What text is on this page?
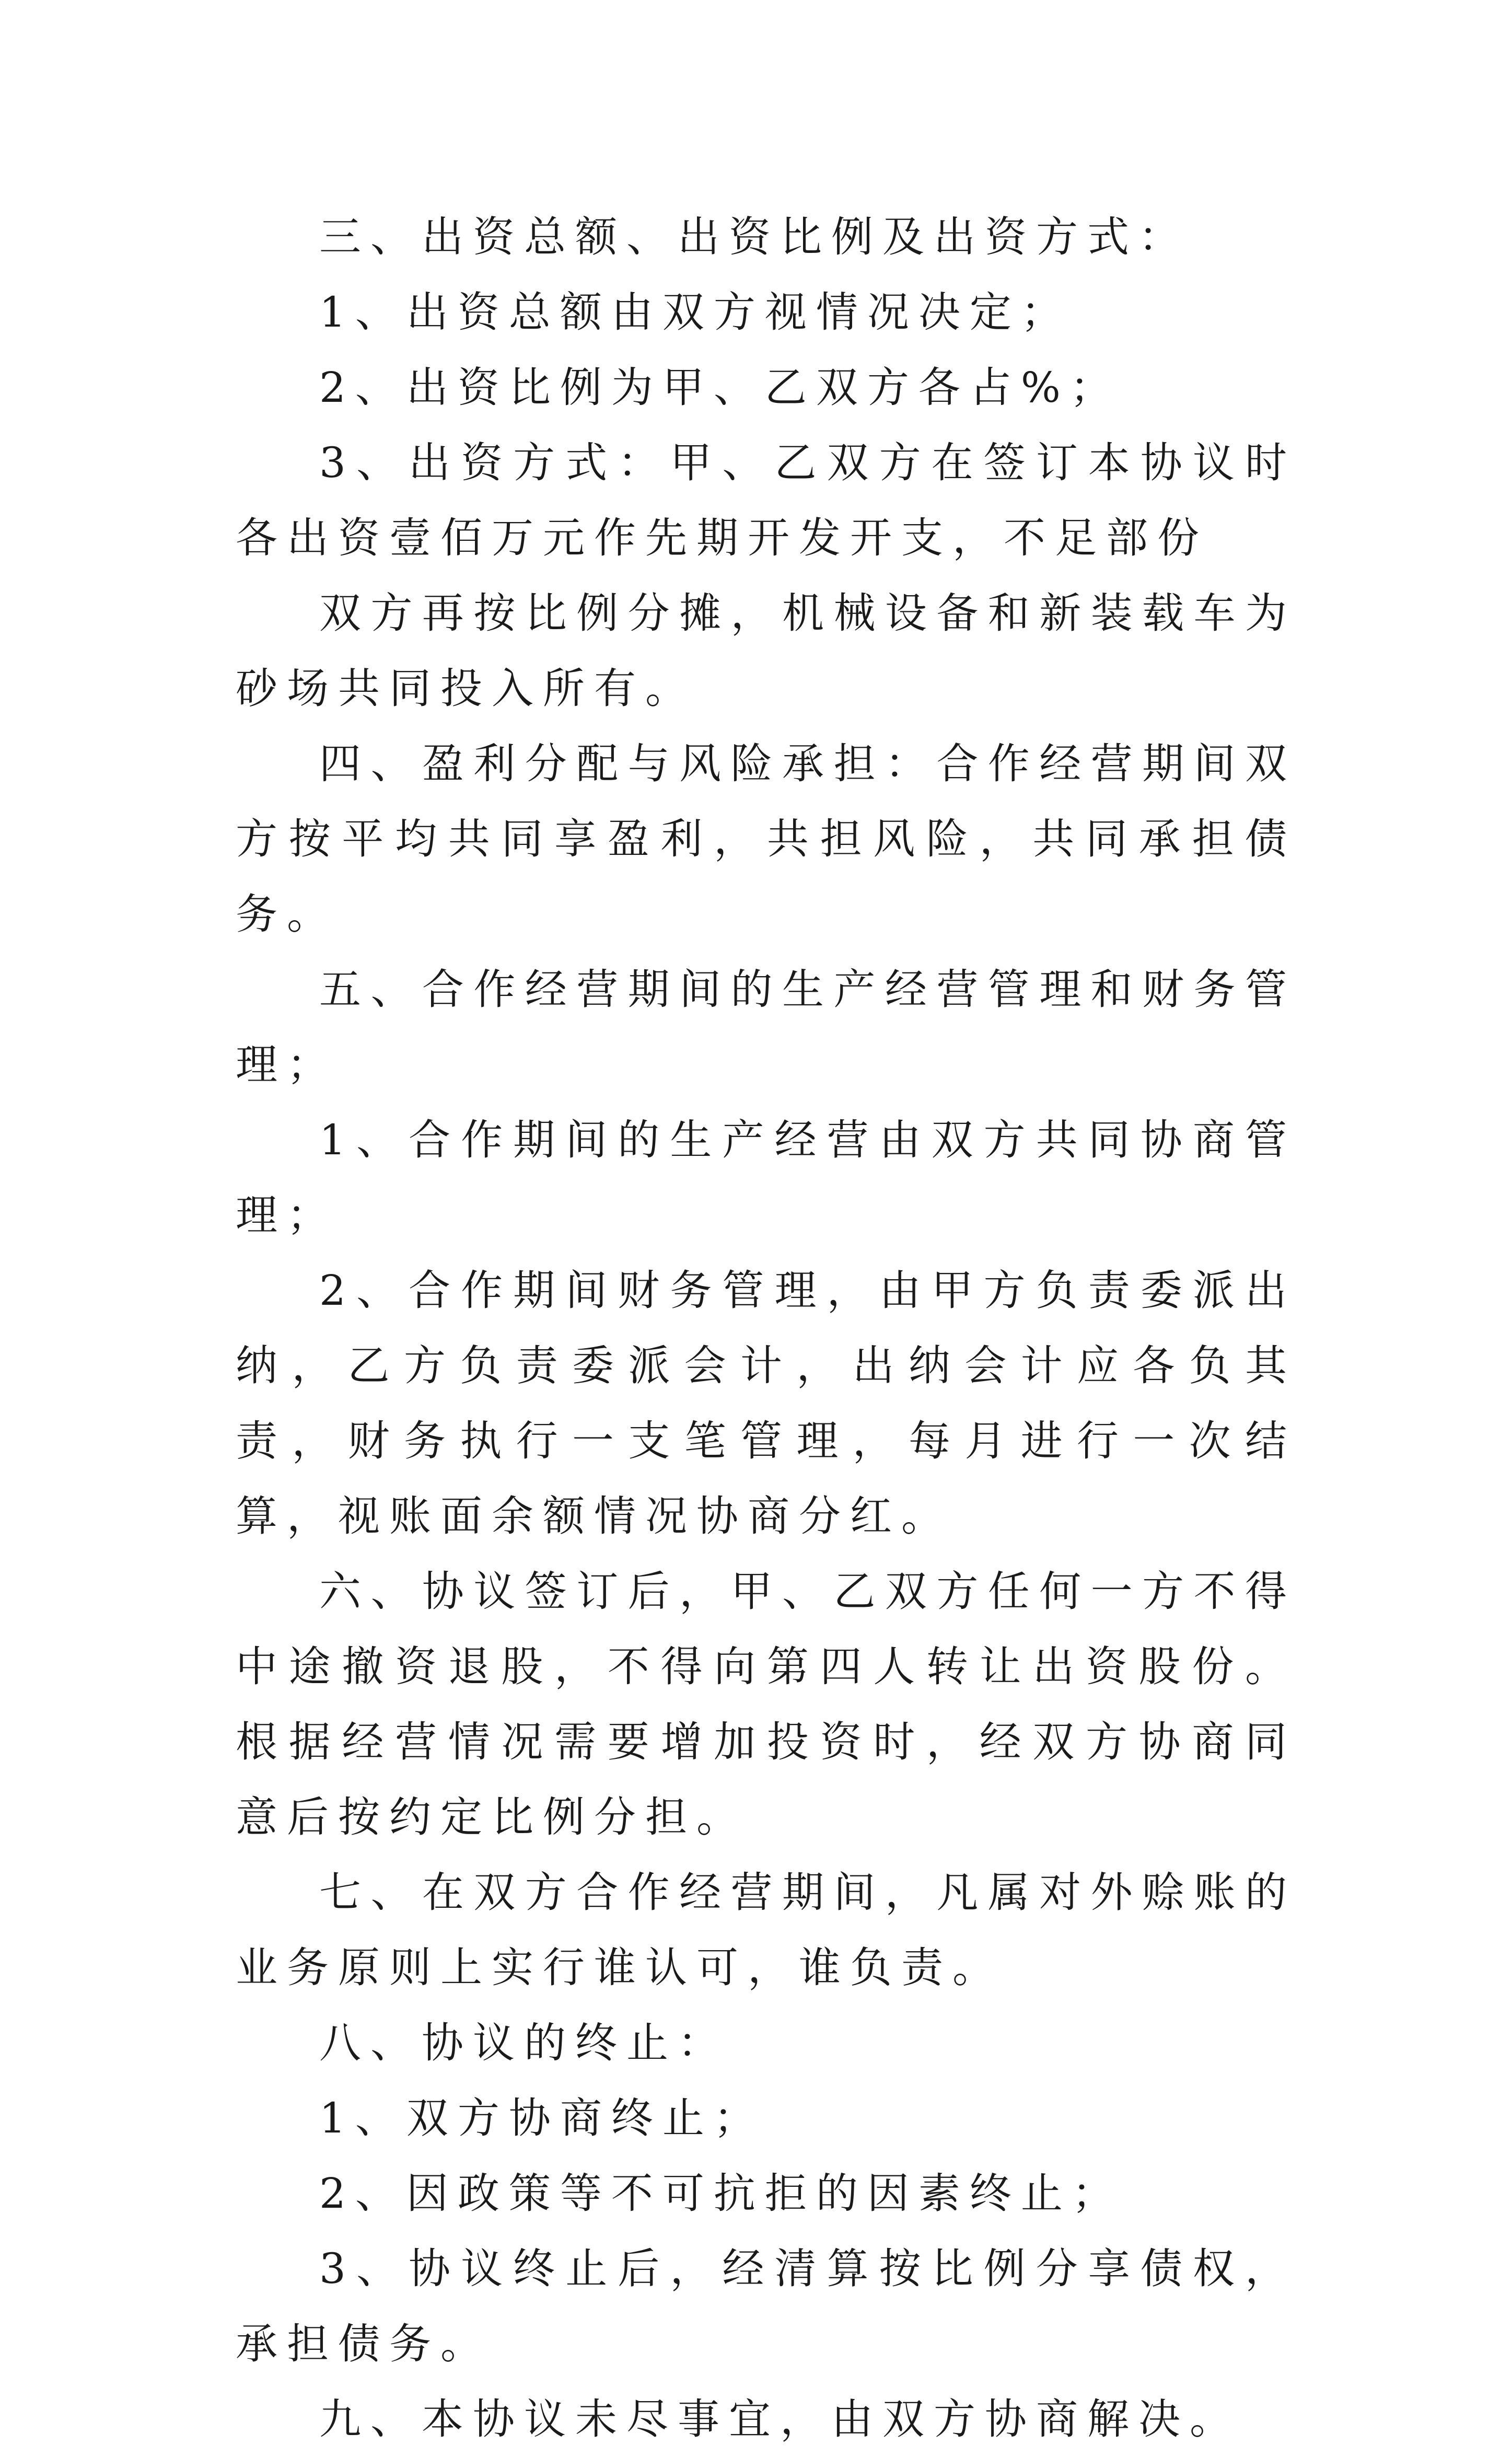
三、出资总额、出资比例及出资方式：

1、出资总额由双方视情况决定；

2、出资比例为甲、乙双方各占%；

3、出资方式：甲、乙双方在签订本协议时各出资壹佰万元作先期开发开支，不足部份

双方再按比例分摊，机械设备和新装载车为砂场共同投入所有。

四、盈利分配与风险承担：合作经营期间双方按平均共同享盈利，共担风险，共同承担债务。

五、合作经营期间的生产经营管理和财务管理；

1、合作期间的生产经营由双方共同协商管理；

2、合作期间财务管理，由甲方负责委派出纳，乙方负责委派会计，出纳会计应各负其责，财务执行一支笔管理，每月进行一次结算，视账面余额情况协商分红。

六、协议签订后，甲、乙双方任何一方不得中途撤资退股，不得向第四人转让出资股份。根据经营情况需要增加投资时，经双方协商同意后按约定比例分担。

七、在双方合作经营期间，凡属对外赊账的业务原则上实行谁认可，谁负责。

八、协议的终止：

1、双方协商终止；

2、因政策等不可抗拒的因素终止；

3、协议终止后，经清算按比例分享债权，承担债务。

九、本协议未尽事宜，由双方协商解决。
